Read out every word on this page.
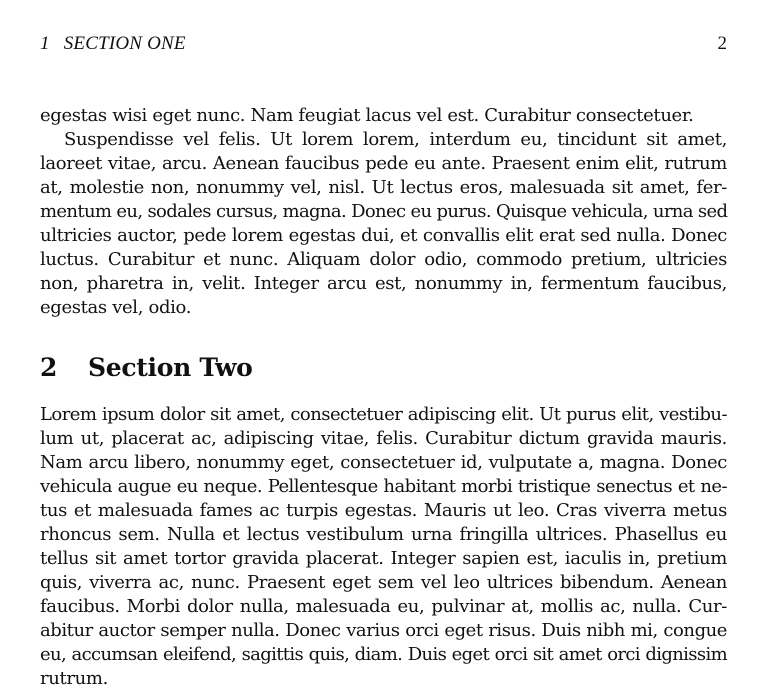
1 SECTION ONE	2
egestas wisi eget nunc. Nam feugiat lacus vel est. Curabitur consectetuer.
Suspendisse vel felis. Ut lorem lorem, interdum eu, tincidunt sit amet,
laoreet vitae, arcu. Aenean faucibus pede eu ante. Praesent enim elit, rutrum
at, molestie non, nonummy vel, nisl. Ut lectus eros, malesuada sit amet, fer-
mentum eu, sodales cursus, magna. Donec eu purus. Quisque vehicula, urna sed
ultricies auctor, pede lorem egestas dui, et convallis elit erat sed nulla. Donec
luctus. Curabitur et nunc. Aliquam dolor odio, commodo pretium, ultricies
non, pharetra in, velit. Integer arcu est, nonummy in, fermentum faucibus,
egestas vel, odio.
2 Section Two
Lorem ipsum dolor sit amet, consectetuer adipiscing elit. Ut purus elit, vestibu-
lum ut, placerat ac, adipiscing vitae, felis. Curabitur dictum gravida mauris.
Nam arcu libero, nonummy eget, consectetuer id, vulputate a, magna. Donec
vehicula augue eu neque. Pellentesque habitant morbi tristique senectus et ne-
tus et malesuada fames ac turpis egestas. Mauris ut leo. Cras viverra metus
rhoncus sem. Nulla et lectus vestibulum urna fringilla ultrices. Phasellus eu
tellus sit amet tortor gravida placerat. Integer sapien est, iaculis in, pretium
quis, viverra ac, nunc. Praesent eget sem vel leo ultrices bibendum. Aenean
faucibus. Morbi dolor nulla, malesuada eu, pulvinar at, mollis ac, nulla. Cur-
abitur auctor semper nulla. Donec varius orci eget risus. Duis nibh mi, congue
eu, accumsan eleifend, sagittis quis, diam. Duis eget orci sit amet orci dignissim
rutrum.
